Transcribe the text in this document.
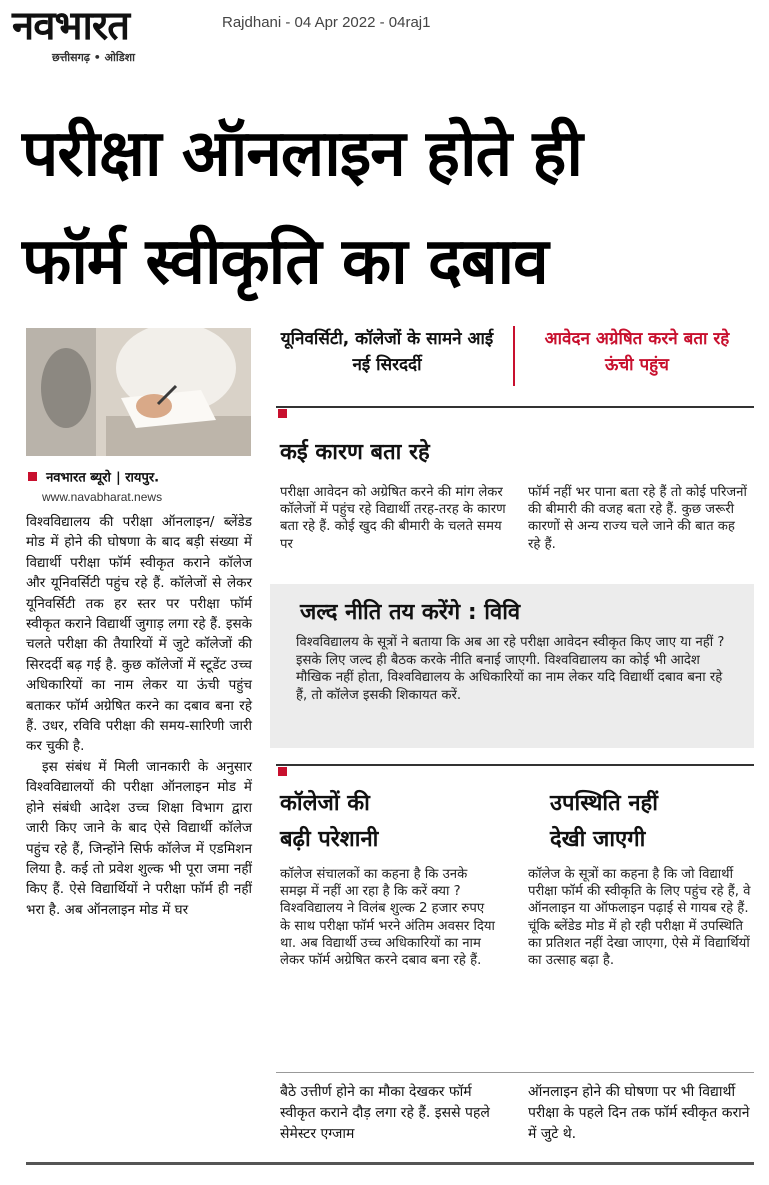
नवभारत
छत्तीसगढ़ • ओडिशा
Rajdhani - 04 Apr 2022 - 04raj1
परीक्षा ऑनलाइन होते ही
फॉर्म स्वीकृति का दबाव
नवभारत ब्यूरो | रायपुर.
www.navabharat.news

विश्वविद्यालय की परीक्षा ऑनलाइन/ ब्लेंडेड मोड में होने की घोषणा के बाद बड़ी संख्या में विद्यार्थी परीक्षा फॉर्म स्वीकृत कराने कॉलेज और यूनिवर्सिटी पहुंच रहे हैं. कॉलेजों से लेकर यूनिवर्सिटी तक हर स्तर पर परीक्षा फॉर्म स्वीकृत कराने विद्यार्थी जुगाड़ लगा रहे हैं. इसके चलते परीक्षा की तैयारियों में जुटे कॉलेजों की सिरदर्दी बढ़ गई है. कुछ कॉलेजों में स्टूडेंट उच्च अधिकारियों का नाम लेकर या ऊंची पहुंच बताकर फॉर्म अग्रेषित करने का दबाव बना रहे हैं. उधर, रविवि परीक्षा की समय-सारिणी जारी कर चुकी है.

इस संबंध में मिली जानकारी के अनुसार विश्वविद्यालयों की परीक्षा ऑनलाइन मोड में होने संबंधी आदेश उच्च शिक्षा विभाग द्वारा जारी किए जाने के बाद ऐसे विद्यार्थी कॉलेज पहुंच रहे हैं, जिन्होंने सिर्फ कॉलेज में एडमिशन लिया है. कई तो प्रवेश शुल्क भी पूरा जमा नहीं किए हैं. ऐसे विद्यार्थियों ने परीक्षा फॉर्म ही नहीं भरा है. अब ऑनलाइन मोड में घर

यूनिवर्सिटी, कॉलेजों के सामने आई नई सिरदर्दी
आवेदन अग्रेषित करने बता रहे ऊंची पहुंच
कई कारण बता रहे
परीक्षा आवेदन को अग्रेषित करने की मांग लेकर कॉलेजों में पहुंच रहे विद्यार्थी तरह-तरह के कारण बता रहे हैं. कोई खुद की बीमारी के चलते समय पर
फॉर्म नहीं भर पाना बता रहे हैं तो कोई परिजनों की बीमारी की वजह बता रहे हैं. कुछ जरूरी कारणों से अन्य राज्य चले जाने की बात कह रहे हैं.
जल्द नीति तय करेंगे : विवि
विश्वविद्यालय के सूत्रों ने बताया कि अब आ रहे परीक्षा आवेदन स्वीकृत किए जाए या नहीं ? इसके लिए जल्द ही बैठक करके नीति बनाई जाएगी. विश्वविद्यालय का कोई भी आदेश मौखिक नहीं होता, विश्वविद्यालय के अधिकारियों का नाम लेकर यदि विद्यार्थी दबाव बना रहे हैं, तो कॉलेज इसकी शिकायत करें.
कॉलेजों की
बढ़ी परेशानी
कॉलेज संचालकों का कहना है कि उनके समझ में नहीं आ रहा है कि करें क्या ? विश्वविद्यालय ने विलंब शुल्क 2 हजार रुपए के साथ परीक्षा फॉर्म भरने अंतिम अवसर दिया था. अब विद्यार्थी उच्च अधिकारियों का नाम लेकर फॉर्म अग्रेषित करने दबाव बना रहे हैं.
उपस्थिति नहीं
देखी जाएगी
कॉलेज के सूत्रों का कहना है कि जो विद्यार्थी परीक्षा फॉर्म की स्वीकृति के लिए पहुंच रहे हैं, वे ऑनलाइन या ऑफलाइन पढ़ाई से गायब रहे हैं. चूंकि ब्लेंडेड मोड में हो रही परीक्षा में उपस्थिति का प्रतिशत नहीं देखा जाएगा, ऐसे में विद्यार्थियों का उत्साह बढ़ा है.
बैठे उत्तीर्ण होने का मौका देखकर फॉर्म स्वीकृत कराने दौड़ लगा रहे हैं. इससे पहले सेमेस्टर एग्जाम
ऑनलाइन होने की घोषणा पर भी विद्यार्थी परीक्षा के पहले दिन तक फॉर्म स्वीकृत कराने में जुटे थे.
